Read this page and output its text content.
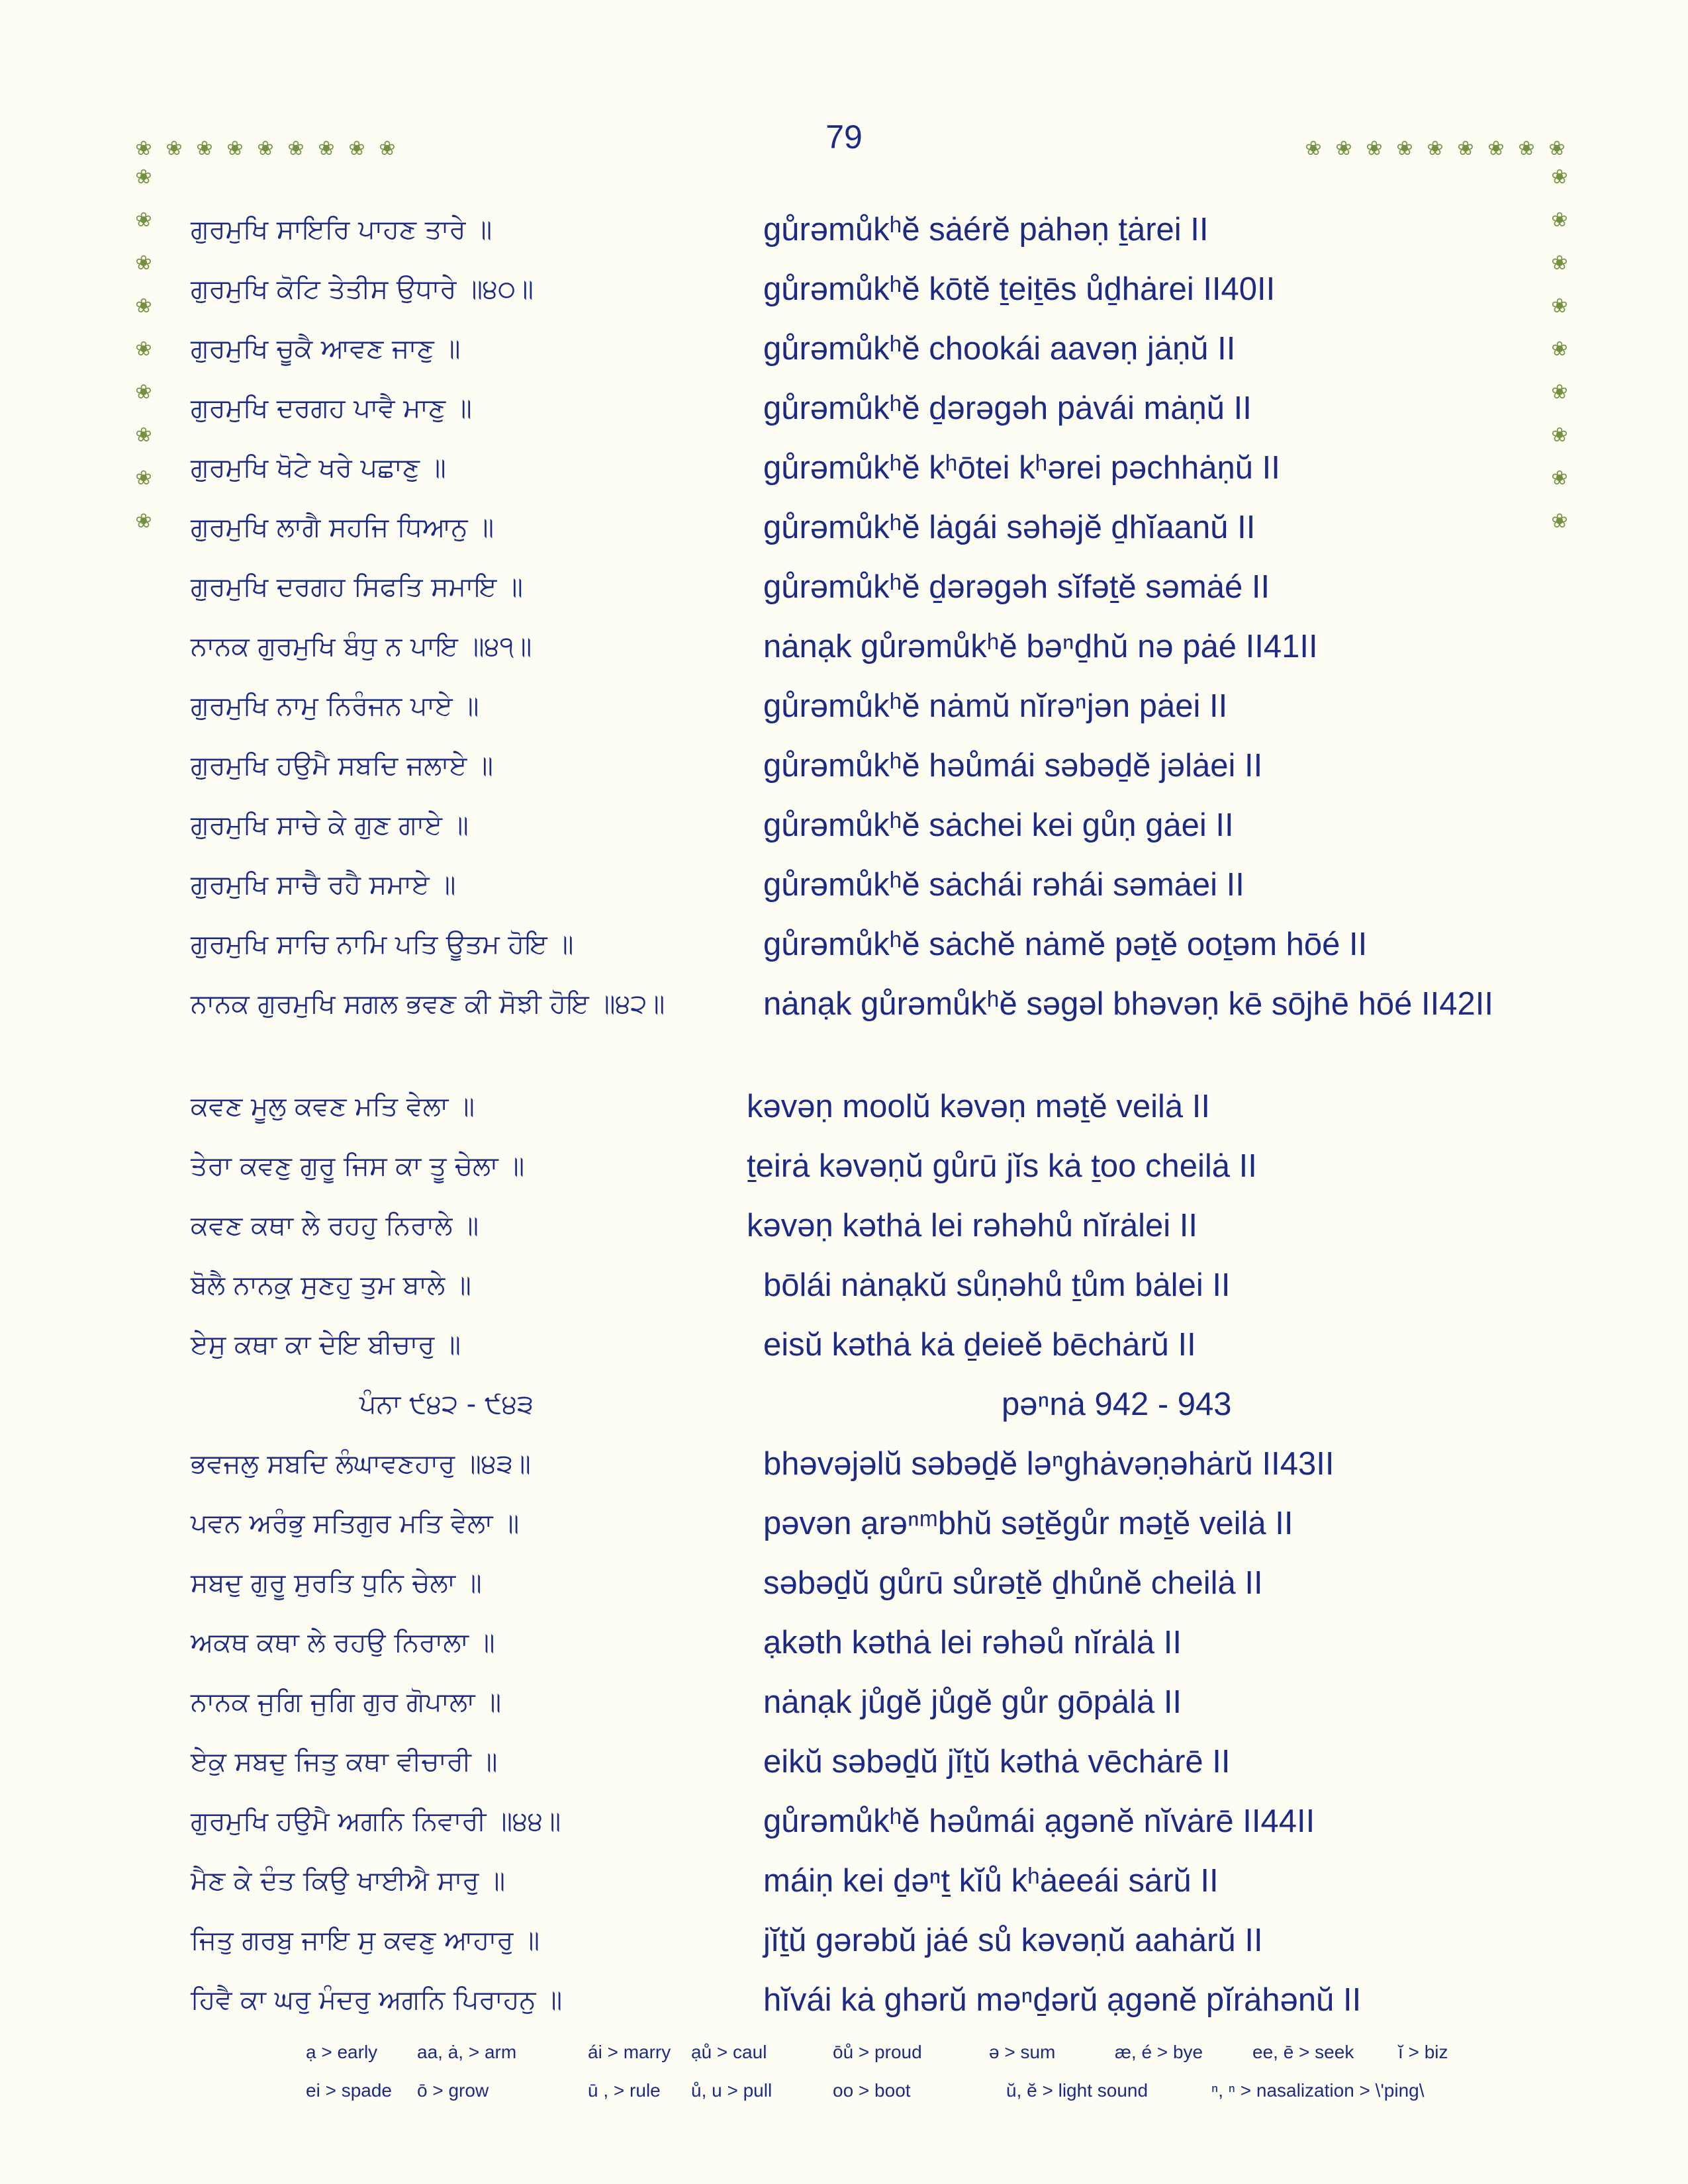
79
❀ ❀ ❀ ❀ ❀ ❀ ❀ ❀ ❀	❀ ❀ ❀ ❀ ❀ ❀ ❀ ❀ ❀
❀
❀
❀
❀
❀
❀
❀
❀
❀
❀
❀
❀
❀
❀
❀
❀
❀
❀
ਗੁਰਮੁਖਿ ਸਾਇਰਿ ਪਾਹਣ ਤਾਰੇ ॥	gůrəmůkʰĕ sȧérĕ pȧhəṇ ṯȧrei II
ਗੁਰਮੁਖਿ ਕੋਟਿ ਤੇਤੀਸ ਉਧਾਰੇ ॥੪੦॥	gůrəmůkʰĕ kōtĕ ṯeiṯēs ůḏhȧrei II40II
ਗੁਰਮੁਖਿ ਚੂਕੈ ਆਵਣ ਜਾਣੁ ॥	gůrəmůkʰĕ chookái aavəṇ jȧṇŭ II
ਗੁਰਮੁਖਿ ਦਰਗਹ ਪਾਵੈ ਮਾਣੁ ॥	gůrəmůkʰĕ ḏərəgəh pȧvái mȧṇŭ II
ਗੁਰਮੁਖਿ ਖੋਟੇ ਖਰੇ ਪਛਾਣੁ ॥	gůrəmůkʰĕ kʰōtei kʰərei pəchhȧṇŭ II
ਗੁਰਮੁਖਿ ਲਾਗੈ ਸਹਜਿ ਧਿਆਨੁ ॥	gůrəmůkʰĕ lȧgái səhəjĕ ḏhĭaanŭ II
ਗੁਰਮੁਖਿ ਦਰਗਹ ਸਿਫਤਿ ਸਮਾਇ ॥	gůrəmůkʰĕ ḏərəgəh sĭfəṯĕ səmȧé II
ਨਾਨਕ ਗੁਰਮੁਖਿ ਬੰਧੁ ਨ ਪਾਇ ॥੪੧॥	nȧnạk gůrəmůkʰĕ bəⁿḏhŭ nə pȧé II41II
ਗੁਰਮੁਖਿ ਨਾਮੁ ਨਿਰੰਜਨ ਪਾਏ ॥	gůrəmůkʰĕ nȧmŭ nĭrəⁿjən pȧei II
ਗੁਰਮੁਖਿ ਹਉਮੈ ਸਬਦਿ ਜਲਾਏ ॥	gůrəmůkʰĕ həůmái səbəḏĕ jəlȧei II
ਗੁਰਮੁਖਿ ਸਾਚੇ ਕੇ ਗੁਣ ਗਾਏ ॥	gůrəmůkʰĕ sȧchei kei gůṇ gȧei II
ਗੁਰਮੁਖਿ ਸਾਚੈ ਰਹੈ ਸਮਾਏ ॥	gůrəmůkʰĕ sȧchái rəhái səmȧei II
ਗੁਰਮੁਖਿ ਸਾਚਿ ਨਾਮਿ ਪਤਿ ਊਤਮ ਹੋਇ ॥	gůrəmůkʰĕ sȧchĕ nȧmĕ pəṯĕ ooṯəm hōé II
ਨਾਨਕ ਗੁਰਮੁਖਿ ਸਗਲ ਭਵਣ ਕੀ ਸੋਝੀ ਹੋਇ ॥੪੨॥	nȧnạk gůrəmůkʰĕ səgəl bhəvəṇ kē sōjhē hōé II42II
ਕਵਣ ਮੂਲੁ ਕਵਣ ਮਤਿ ਵੇਲਾ ॥	kəvəṇ moolŭ kəvəṇ məṯĕ veilȧ II
ਤੇਰਾ ਕਵਣੁ ਗੁਰੂ ਜਿਸ ਕਾ ਤੂ ਚੇਲਾ ॥	ṯeirȧ kəvəṇŭ gůrū jĭs kȧ ṯoo cheilȧ II
ਕਵਣ ਕਥਾ ਲੇ ਰਹਹੁ ਨਿਰਾਲੇ ॥	kəvəṇ kəthȧ lei rəhəhů nĭrȧlei II
ਬੋਲੈ ਨਾਨਕੁ ਸੁਣਹੁ ਤੁਮ ਬਾਲੇ ॥	bōlái nȧnạkŭ sůṇəhů ṯům bȧlei II
ਏਸੁ ਕਥਾ ਕਾ ਦੇਇ ਬੀਚਾਰੁ ॥	eisŭ kəthȧ kȧ ḏeieĕ bēchȧrŭ II
ਪੰਨਾ ੯੪੨ - ੯੪੩	pəⁿnȧ 942 - 943
ਭਵਜਲੁ ਸਬਦਿ ਲੰਘਾਵਣਹਾਰੁ ॥੪੩॥	bhəvəjəlŭ səbəḏĕ ləⁿghȧvəṇəhȧrŭ II43II
ਪਵਨ ਅਰੰਭੁ ਸਤਿਗੁਰ ਮਤਿ ਵੇਲਾ ॥	pəvən ạrəⁿᵐbhŭ səṯĕgůr məṯĕ veilȧ II
ਸਬਦੁ ਗੁਰੂ ਸੁਰਤਿ ਧੁਨਿ ਚੇਲਾ ॥	səbəḏŭ gůrū sůrəṯĕ ḏhůnĕ cheilȧ II
ਅਕਥ ਕਥਾ ਲੇ ਰਹਉ ਨਿਰਾਲਾ ॥	ạkəth kəthȧ lei rəhəů nĭrȧlȧ II
ਨਾਨਕ ਜੁਗਿ ਜੁਗਿ ਗੁਰ ਗੋਪਾਲਾ ॥	nȧnạk jůgĕ jůgĕ gůr gōpȧlȧ II
ਏਕੁ ਸਬਦੁ ਜਿਤੁ ਕਥਾ ਵੀਚਾਰੀ ॥	eikŭ səbəḏŭ jĭṯŭ kəthȧ vēchȧrē II
ਗੁਰਮੁਖਿ ਹਉਮੈ ਅਗਨਿ ਨਿਵਾਰੀ ॥੪੪॥	gůrəmůkʰĕ həůmái ạgənĕ nĭvȧrē II44II
ਮੈਣ ਕੇ ਦੰਤ ਕਿਉ ਖਾਈਐ ਸਾਰੁ ॥	máiṇ kei ḏəⁿṯ kĭů kʰȧeeái sȧrŭ II
ਜਿਤੁ ਗਰਬੁ ਜਾਇ ਸੁ ਕਵਣੁ ਆਹਾਰੁ ॥	jĭṯŭ gərəbŭ jȧé sů kəvəṇŭ aahȧrŭ II
ਹਿਵੈ ਕਾ ਘਰੁ ਮੰਦਰੁ ਅਗਨਿ ਪਿਰਾਹਨੁ ॥	hĭvái kȧ ghərŭ məⁿḏərŭ ạgənĕ pĭrȧhənŭ II
ạ > early aa, ȧ, > arm	ái > marry ạů > caul	ōů > proud	ə > sum	æ, é > bye	ee, ē > seek ĭ > biz
ei > spade ō > grow	ū , > rule ů, u > pull	oo > boot	ŭ, ĕ > light sound	ⁿ, ⁿ > nasalization > \'ping\
